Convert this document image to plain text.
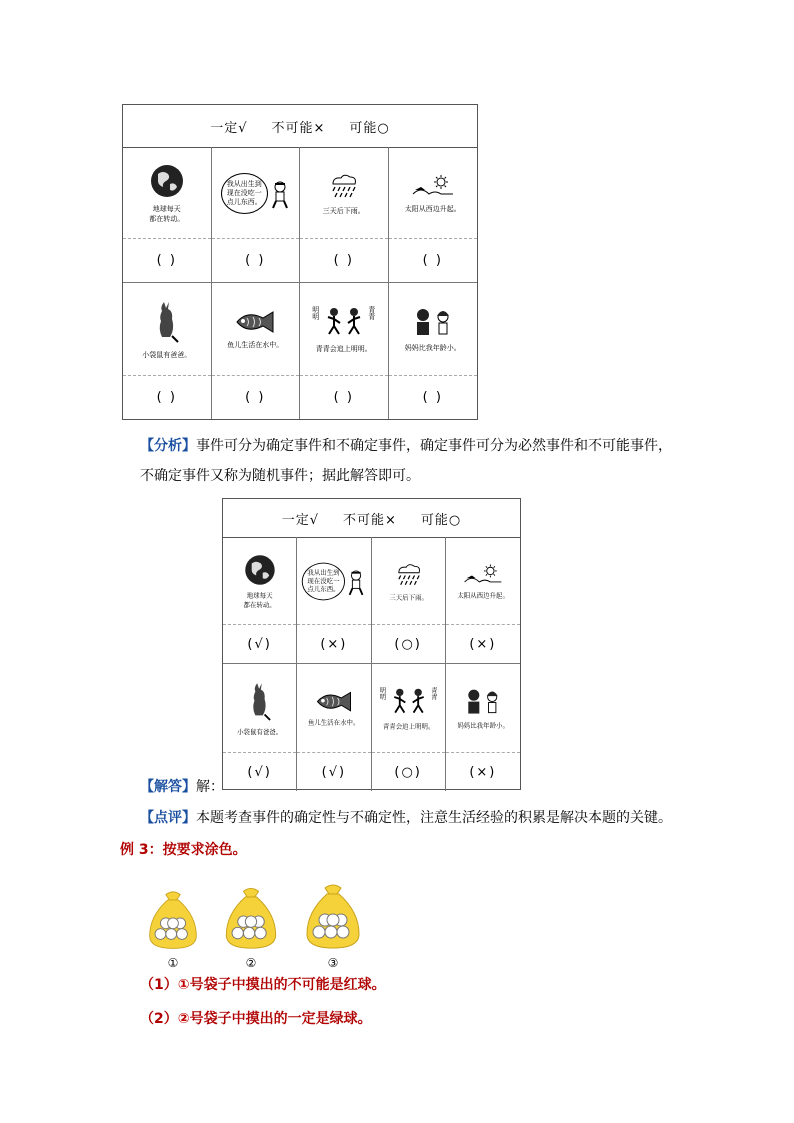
一定√ 不可能× 可能○
地球每天
都在转动。
( )
我从出生到
现在没吃一
点儿东西。
( )
三天后下雨。
( )
太阳从西边升起。
( )
小袋鼠有爸爸。
( )
鱼儿生活在水中。
( )
明明	青青
青青会追上明明。
( )
妈妈比我年龄小。
( )
【分析】事件可分为确定事件和不确定事件，确定事件可分为必然事件和不可能事件，
不确定事件又称为随机事件；据此解答即可。
一定√ 不可能× 可能○
地球每天
都在转动。
(√)
我从出生到
现在没吃一
点儿东西。
(×)
三天后下雨。
(○)
太阳从西边升起。
(×)
小袋鼠有爸爸。
(√)
鱼儿生活在水中。
(√)
明明	青青
青青会追上明明。
(○)
妈妈比我年龄小。
(×)
【解答】解：
【点评】本题考查事件的确定性与不确定性，注意生活经验的积累是解决本题的关键。
例 3：按要求涂色。
①	②	③
（1）①号袋子中摸出的不可能是红球。
（2）②号袋子中摸出的一定是绿球。
